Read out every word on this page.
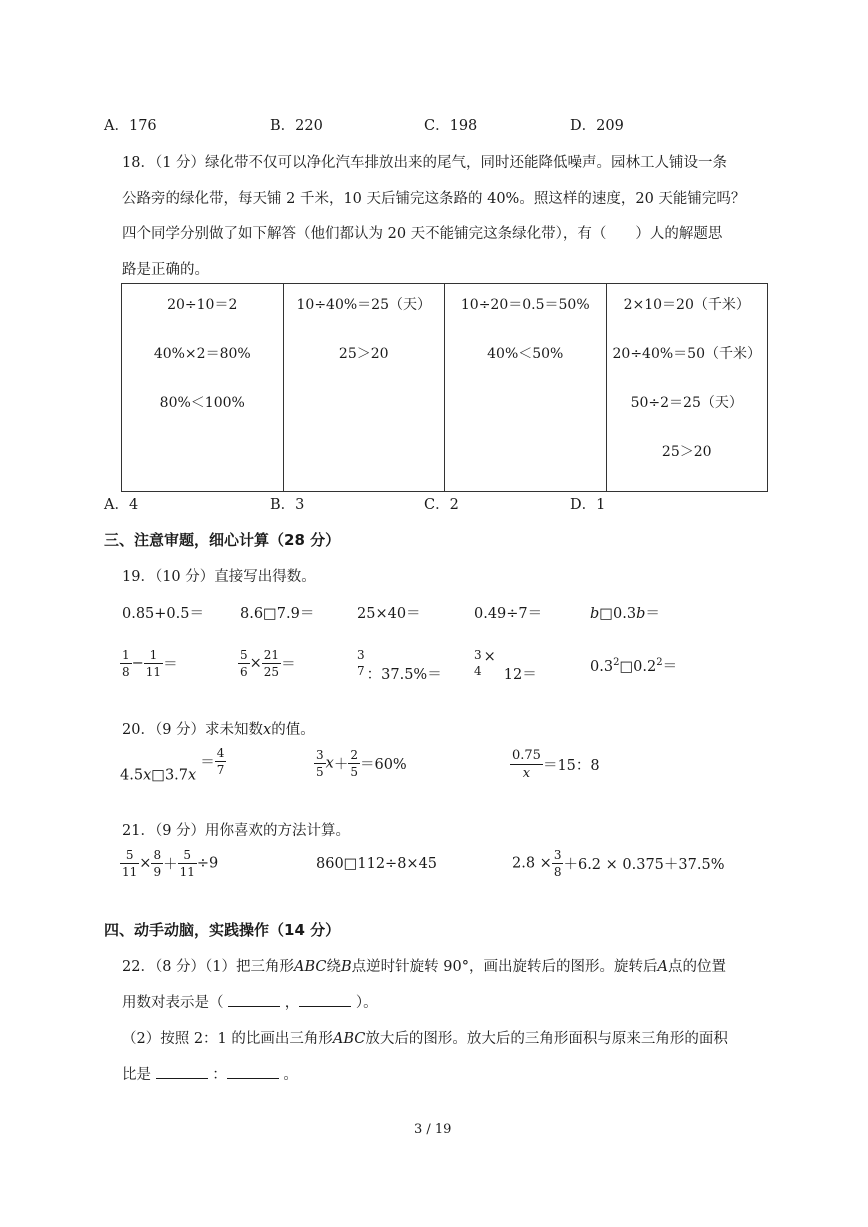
A．176	B．220	C．198	D．209
18．（1 分）绿化带不仅可以净化汽车排放出来的尾气，同时还能降低噪声。园林工人铺设一条
公路旁的绿化带，每天铺 2 千米，10 天后铺完这条路的 40%。照这样的速度，20 天能铺完吗？
四个同学分别做了如下解答（他们都认为 20 天不能铺完这条绿化带），有（　　）人的解题思
路是正确的。
20÷10＝2
40%×2＝80%
80%＜100%

10÷40%＝25（天）
25＞20

10÷20＝0.5＝50%
40%＜50%

2×10＝20（千米）
20÷40%＝50（千米）
50÷2＝25（天）
25＞20
A．4	B．3	C．2	D．1
三、注意审题，细心计算（28 分）
19．（10 分）直接写出得数。
0.85+0.5＝ 8.6□7.9＝	25×40＝	0.49÷7＝	b□0.3b＝
$\frac{1}{8} - \frac{1}{11}$ ＝	$\frac{5}{6} \times \frac{21}{25}$ ＝
3
7 ：37.5%＝
3
4
×12＝	$0.3^2□0.2^2=$
20．（9 分）求未知数x的值。
4.5x□3.7x＝ $\frac{4}{7}$	$\frac{3}{5} x+ \frac{2}{5} =60\%$	$\frac{0.75}{x} =15$：8
21．（9 分）用你喜欢的方法计算。
$\frac{5}{11} \times \frac{8}{9} + \frac{5}{11} \div 9$	860□112÷8×45	$2.8 \times \frac{3}{8} +6.2 \times 0.375+37.5\%$
四、动手动脑，实践操作（14 分）
22．（8 分）（1）把三角形ABC绕B点逆时针旋转 90°，画出旋转后的图形。旋转后A点的位置
用数对表示是（	，	）。
（2）按照 2：1 的比画出三角形ABC放大后的图形。放大后的三角形面积与原来三角形的面积
比是	：	。
3 / 19
